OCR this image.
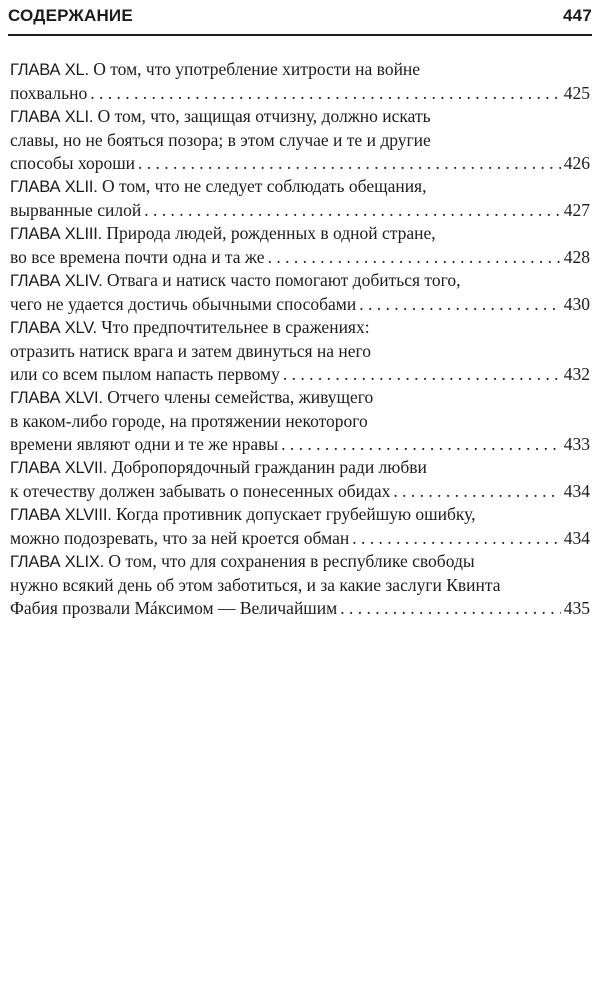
СОДЕРЖАНИЕ	447
ГЛАВА XL. О том, что употребление хитрости на войне
похвально . . .	425
ГЛАВА XLI. О том, что, защищая отчизну, должно искать
славы, но не бояться позора; в этом случае и те и другие
способы хороши . . .	426
ГЛАВА XLII. О том, что не следует соблюдать обещания,
вырванные силой . . .	427
ГЛАВА XLIII. Природа людей, рожденных в одной стране,
во все времена почти одна и та же . . .	428
ГЛАВА XLIV. Отвага и натиск часто помогают добиться того,
чего не удается достичь обычными способами . . .	430
ГЛАВА XLV. Что предпочтительнее в сражениях:
отразить натиск врага и затем двинуться на него
или со всем пылом напасть первому . . .	432
ГЛАВА XLVI. Отчего члены семейства, живущего
в каком-либо городе, на протяжении некоторого
времени являют одни и те же нравы . . .	433
ГЛАВА XLVII. Добропорядочный гражданин ради любви
к отечеству должен забывать о понесенных обидах . . .	434
ГЛАВА XLVIII. Когда противник допускает грубейшую ошибку,
можно подозревать, что за ней кроется обман . . .	434
ГЛАВА XLIX. О том, что для сохранения в республике свободы
нужно всякий день об этом заботиться, и за какие заслуги Квинта
Фабия прозвали Мáксимом — Величайшим . . .	435
